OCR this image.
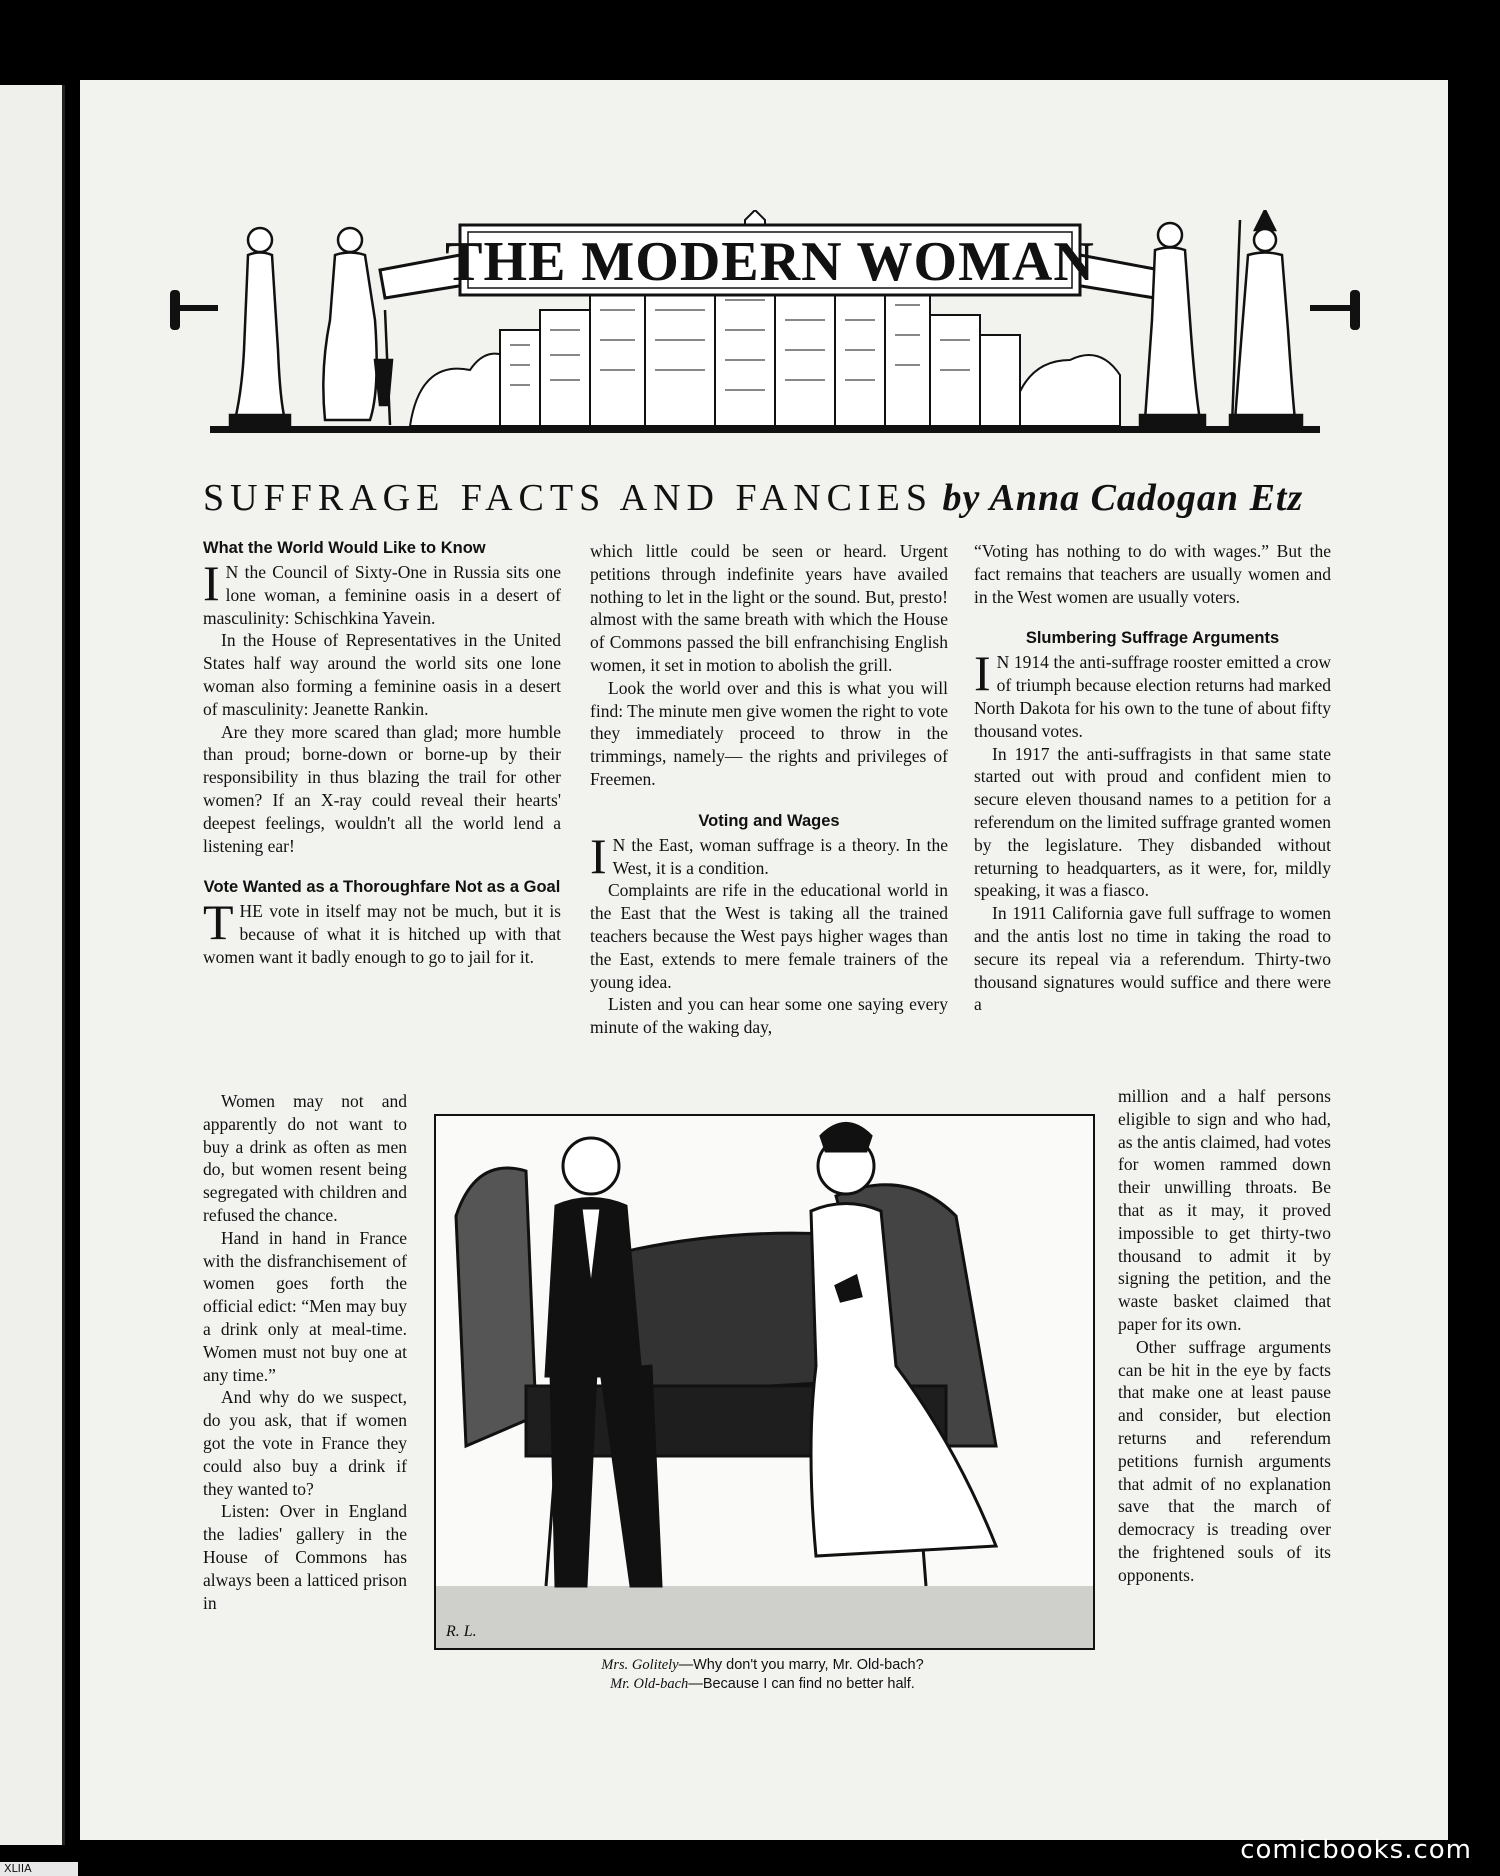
THE MODERN WOMAN
SUFFRAGE FACTS AND FANCIES by Anna Cadogan Etz
What the World Would Like to Know

I N the Council of Sixty-One in Russia sits one lone woman, a feminine oasis in a desert of masculinity: Schischkina Yavein.

In the House of Representatives in the United States half way around the world sits one lone woman also forming a feminine oasis in a desert of masculinity: Jeanette Rankin.

Are they more scared than glad; more humble than proud; borne-down or borne-up by their responsibility in thus blazing the trail for other women? If an X-ray could reveal their hearts' deepest feelings, wouldn't all the world lend a listening ear!

Vote Wanted as a Thoroughfare Not as a Goal

THE vote in itself may not be much, but it is because of what it is hitched up with that women want it badly enough to go to jail for it.

Women may not and apparently do not want to buy a drink as often as men do, but women resent being segregated with children and refused the chance.

Hand in hand in France with the disfranchisement of women goes forth the official edict: “Men may buy a drink only at meal-time. Women must not buy one at any time.”

And why do we suspect, do you ask, that if women got the vote in France they could also buy a drink if they wanted to?

Listen: Over in England the ladies' gallery in the House of Commons has always been a latticed prison in

which little could be seen or heard. Urgent petitions through indefinite years have availed nothing to let in the light or the sound. But, presto! almost with the same breath with which the House of Commons passed the bill enfranchising English women, it set in motion to abolish the grill.

Look the world over and this is what you will find: The minute men give women the right to vote they immediately proceed to throw in the trimmings, namely— the rights and privileges of Freemen.

Voting and Wages

I N the East, woman suffrage is a theory. In the West, it is a condition.

Complaints are rife in the educational world in the East that the West is taking all the trained teachers because the West pays higher wages than the East, extends to mere female trainers of the young idea.

Listen and you can hear some one saying every minute of the waking day,

“Voting has nothing to do with wages.” But the fact remains that teachers are usually women and in the West women are usually voters.

Slumbering Suffrage Arguments

I N 1914 the anti-suffrage rooster emitted a crow of triumph because election returns had marked North Dakota for his own to the tune of about fifty thousand votes.

In 1917 the anti-suffragists in that same state started out with proud and confident mien to secure eleven thousand names to a petition for a referendum on the limited suffrage granted women by the legislature. They disbanded without returning to headquarters, as it were, for, mildly speaking, it was a fiasco.

In 1911 California gave full suffrage to women and the antis lost no time in taking the road to secure its repeal via a referendum. Thirty-two thousand signatures would suffice and there were a

million and a half persons eligible to sign and who had, as the antis claimed, had votes for women rammed down their unwilling throats. Be that as it may, it proved impossible to get thirty-two thousand to admit it by signing the petition, and the waste basket claimed that paper for its own.

Other suffrage arguments can be hit in the eye by facts that make one at least pause and consider, but election returns and referendum petitions furnish arguments that admit of no explanation save that the march of democracy is treading over the frightened souls of its opponents.

R. L.
Mrs. Golitely—Why don't you marry, Mr. Old-bach?
Mr. Old-bach—Because I can find no better half.
comicbooks.com
XLIIA
